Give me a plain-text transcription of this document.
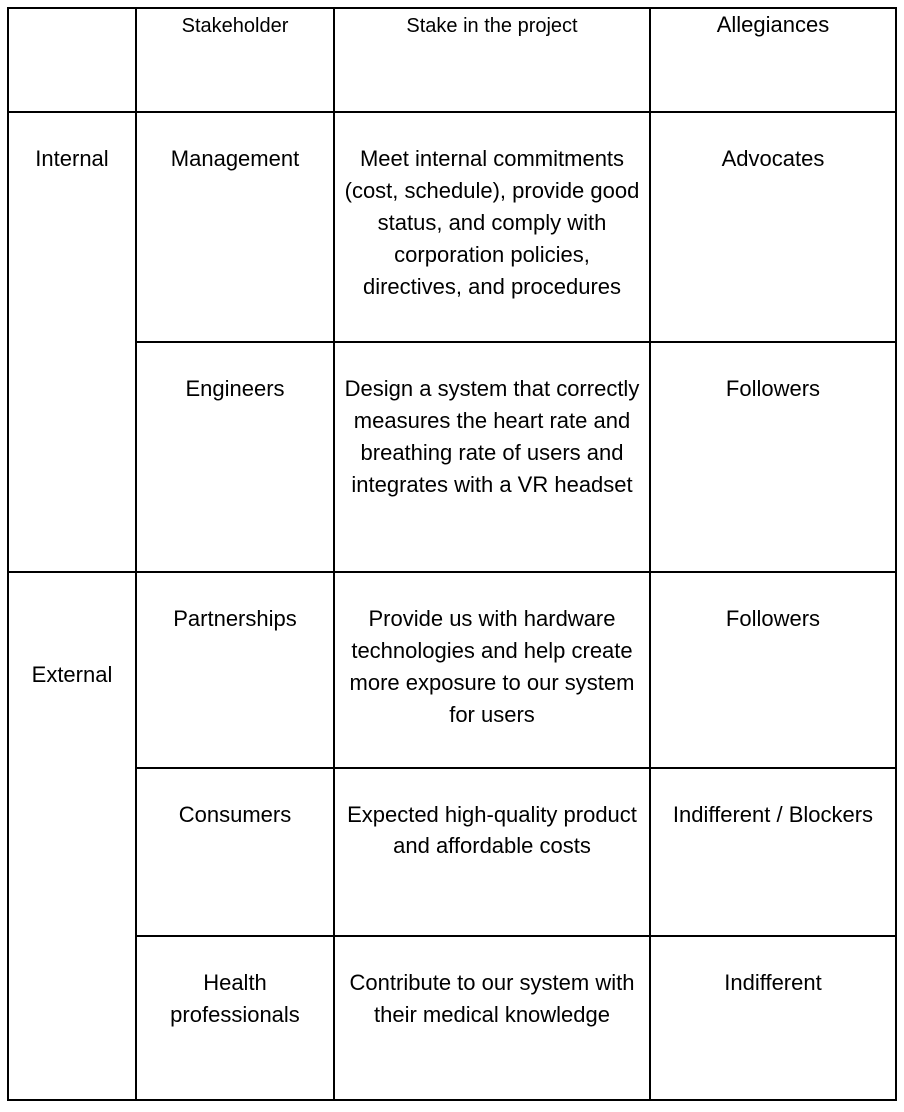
	Stakeholder	Stake in the project	Allegiances

Internal	Management	Meet internal commitments (cost, schedule), provide good status, and comply with corporation policies, directives, and procedures	Advocates

	Engineers	Design a system that correctly measures the heart rate and breathing rate of users and integrates with a VR headset	Followers

External	Partnerships	Provide us with hardware technologies and help create more exposure to our system for users	Followers

	Consumers	Expected high-quality product and affordable costs	Indifferent / Blockers

	Health professionals	Contribute to our system with their medical knowledge	Indifferent
